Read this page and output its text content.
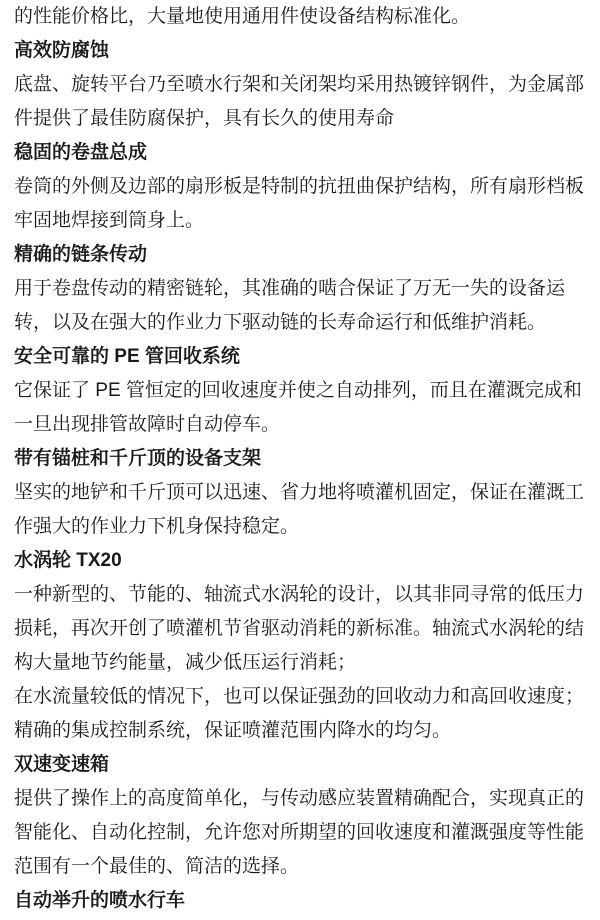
的性能价格比，大量地使用通用件使设备结构标准化。
高效防腐蚀
底盘、旋转平台乃至喷水行架和关闭架均采用热镀锌钢件，为金属部
件提供了最佳防腐保护，具有长久的使用寿命
稳固的卷盘总成
卷筒的外侧及边部的扇形板是特制的抗扭曲保护结构，所有扇形档板
牢固地焊接到筒身上。
精确的链条传动
用于卷盘传动的精密链轮，其准确的啮合保证了万无一失的设备运
转，以及在强大的作业力下驱动链的长寿命运行和低维护消耗。
安全可靠的 PE 管回收系统
它保证了 PE 管恒定的回收速度并使之自动排列，而且在灌溉完成和
一旦出现排管故障时自动停车。
带有锚桩和千斤顶的设备支架
坚实的地铲和千斤顶可以迅速、省力地将喷灌机固定，保证在灌溉工
作强大的作业力下机身保持稳定。
水涡轮 TX20
一种新型的、节能的、轴流式水涡轮的设计，以其非同寻常的低压力
损耗，再次开创了喷灌机节省驱动消耗的新标准。轴流式水涡轮的结
构大量地节约能量，减少低压运行消耗；
在水流量较低的情况下，也可以保证强劲的回收动力和高回收速度；
精确的集成控制系统，保证喷灌范围内降水的均匀。
双速变速箱
提供了操作上的高度简单化，与传动感应装置精确配合，实现真正的
智能化、自动化控制，允许您对所期望的回收速度和灌溉强度等性能
范围有一个最佳的、简洁的选择。
自动举升的喷水行车
